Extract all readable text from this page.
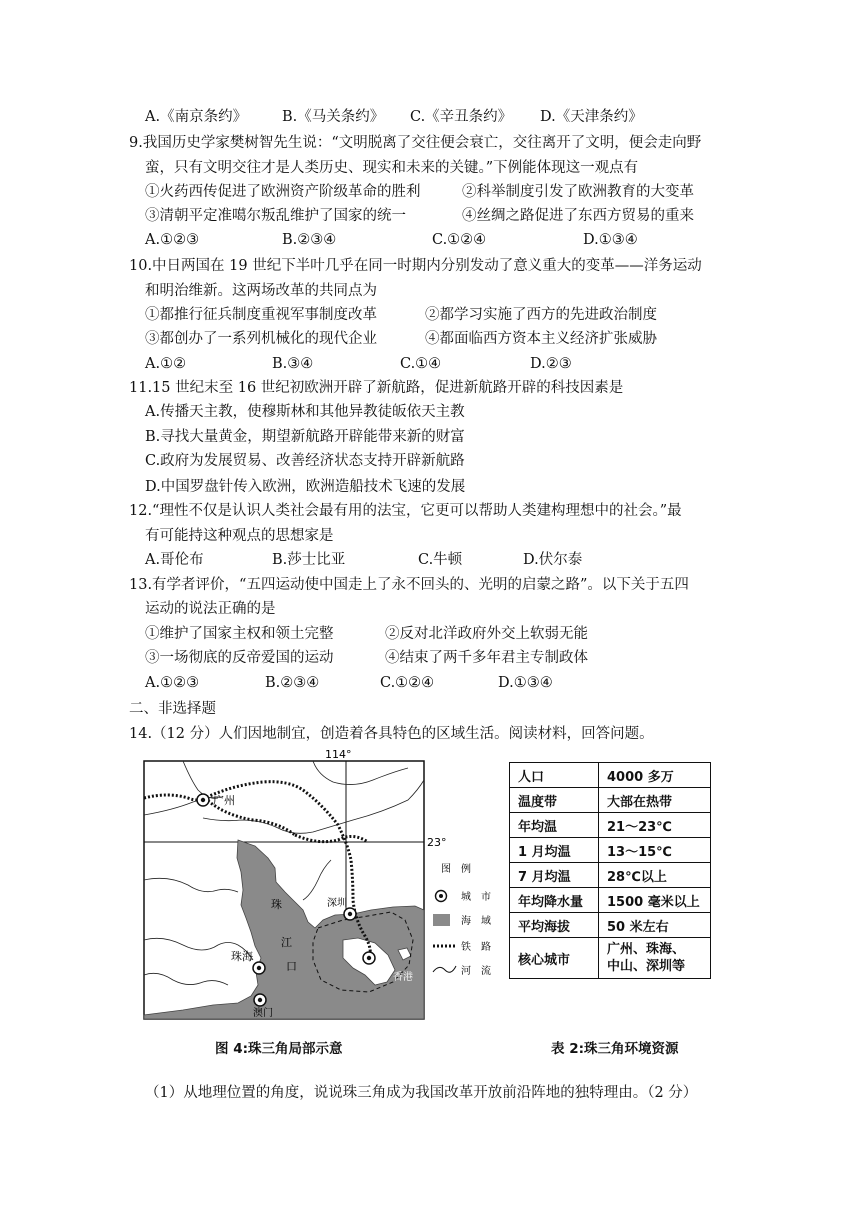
A.《南京条约》 B.《马关条约》 C.《辛丑条约》 D.《天津条约》
9.我国历史学家樊树智先生说：“文明脱离了交往便会衰亡，交往离开了文明，便会走向野
蛮，只有文明交往才是人类历史、现实和未来的关键。”下例能体现这一观点有
①火药西传促进了欧洲资产阶级革命的胜利	②科举制度引发了欧洲教育的大变革
③清朝平定准噶尔叛乱维护了国家的统一	④丝绸之路促进了东西方贸易的重来
A.①②③	B.②③④	C.①②④	D.①③④
10.中日两国在 19 世纪下半叶几乎在同一时期内分别发动了意义重大的变革——洋务运动
和明治维新。这两场改革的共同点为
①都推行征兵制度重视军事制度改革	②都学习实施了西方的先进政治制度
③都创办了一系列机械化的现代企业	④都面临西方资本主义经济扩张威胁
A.①②	B.③④	C.①④	D.②③
11.15 世纪末至 16 世纪初欧洲开辟了新航路，促进新航路开辟的科技因素是
A.传播天主教，使穆斯林和其他异教徒皈依天主教
B.寻找大量黄金，期望新航路开辟能带来新的财富
C.政府为发展贸易、改善经济状态支持开辟新航路
D.中国罗盘针传入欧洲，欧洲造船技术飞速的发展
12.“理性不仅是认识人类社会最有用的法宝，它更可以帮助人类建构理想中的社会。”最
有可能持这种观点的思想家是
A.哥伦布	B.莎士比亚	C.牛顿	D.伏尔泰
13.有学者评价，“五四运动使中国走上了永不回头的、光明的启蒙之路”。以下关于五四
运动的说法正确的是
①维护了国家主权和领土完整	②反对北洋政府外交上软弱无能
③一场彻底的反帝爱国的运动	④结束了两千多年君主专制政体
A.①②③	B.②③④	C.①②④	D.①③④
二、非选择题
14.（12 分）人们因地制宜，创造着各具特色的区域生活。阅读材料，回答问题。
114°
23°
广州
深圳
珠海
澳门
香港
珠
江
口
图　例
城　市
海　域
铁　路
河　流
人口	4000 多万
温度带	大部在热带
年均温	21～23℃
1 月均温	13～15℃
7 月均温	28℃以上
年均降水量	1500 毫米以上
平均海拔	50 米左右
核心城市	广州、珠海、
中山、深圳等
图 4:珠三角局部示意	表 2:珠三角环境资源
（1）从地理位置的角度，说说珠三角成为我国改革开放前沿阵地的独特理由。（2 分）
